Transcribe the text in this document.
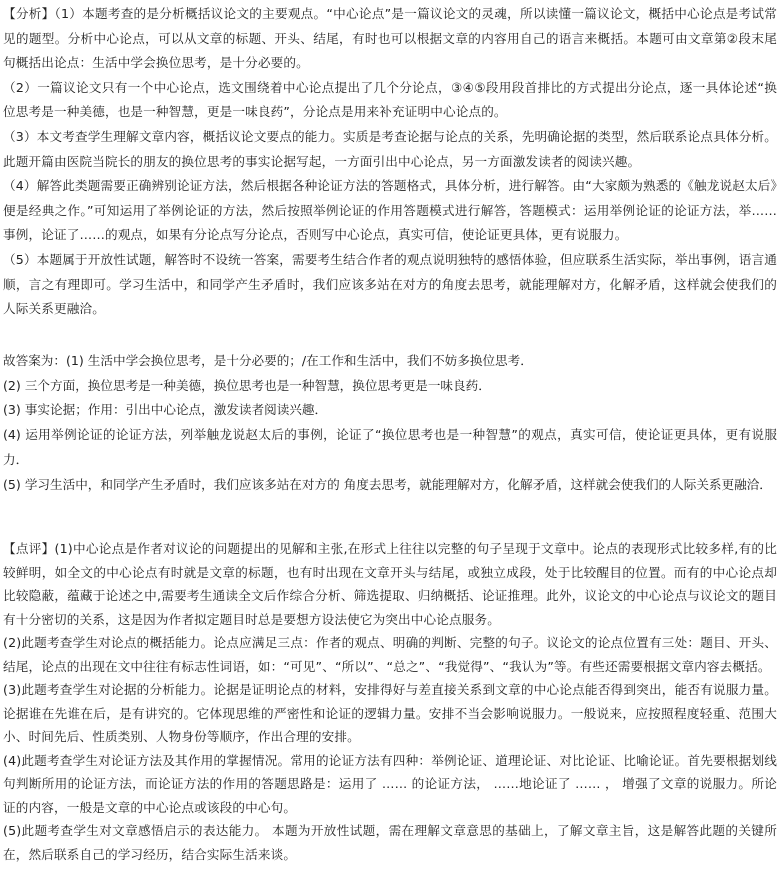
【分析】（1）本题考查的是分析概括议论文的主要观点。“中心论点”是一篇议论文的灵魂，所以读懂一篇议论文，概括中心论点是考试常见的题型。分析中心论点，可以从文章的标题、开头、结尾，有时也可以根据文章的内容用自己的语言来概括。本题可由文章第②段末尾句概括出论点：生活中学会换位思考，是十分必要的。

（2）一篇议论文只有一个中心论点，选文围绕着中心论点提出了几个分论点，③④⑤段用段首排比的方式提出分论点，逐一具体论述“换位思考是一种美德，也是一种智慧，更是一味良药”，分论点是用来补充证明中心论点的。

（3）本文考查学生理解文章内容，概括议论文要点的能力。实质是考查论据与论点的关系，先明确论据的类型，然后联系论点具体分析。此题开篇由医院当院长的朋友的换位思考的事实论据写起，一方面引出中心论点，另一方面激发读者的阅读兴趣。

（4）解答此类题需要正确辨别论证方法，然后根据各种论证方法的答题格式，具体分析，进行解答。由“大家颇为熟悉的《触龙说赵太后》便是经典之作。”可知运用了举例论证的方法，然后按照举例论证的作用答题模式进行解答，答题模式：运用举例论证的论证方法，举……事例，论证了……的观点，如果有分论点写分论点，否则写中心论点，真实可信，使论证更具体，更有说服力。

（5）本题属于开放性试题，解答时不设统一答案，需要考生结合作者的观点说明独特的感悟体验，但应联系生活实际，举出事例，语言通顺，言之有理即可。学习生活中，和同学产生矛盾时，我们应该多站在对方的角度去思考，就能理解对方，化解矛盾，这样就会使我们的人际关系更融洽。

故答案为：(1) 生活中学会换位思考，是十分必要的；/在工作和生活中，我们不妨多换位思考．

(2) 三个方面，换位思考是一种美德，换位思考也是一种智慧，换位思考更是一味良药．

(3) 事实论据；作用：引出中心论点，激发读者阅读兴趣．

(4) 运用举例论证的论证方法，列举触龙说赵太后的事例，论证了“换位思考也是一种智慧”的观点，真实可信，使论证更具体，更有说服力．

(5) 学习生活中，和同学产生矛盾时，我们应该多站在对方的 角度去思考，就能理解对方，化解矛盾，这样就会使我们的人际关系更融洽．

【点评】(1)中心论点是作者对议论的问题提出的见解和主张,在形式上往往以完整的句子呈现于文章中。论点的表现形式比较多样,有的比较鲜明，如全文的中心论点有时就是文章的标题，也有时出现在文章开头与结尾，或独立成段，处于比较醒目的位置。而有的中心论点却比较隐蔽，蕴藏于论述之中,需要考生通读全文后作综合分析、筛选提取、归纳概括、论证推理。此外，议论文的中心论点与议论文的题目有十分密切的关系，这是因为作者拟定题目时总是要想方设法使它为突出中心论点服务。

(2)此题考查学生对论点的概括能力。论点应满足三点：作者的观点、明确的判断、完整的句子。议论文的论点位置有三处：题目、开头、结尾，论点的出现在文中往往有标志性词语，如：“可见”、“所以”、“总之”、“我觉得”、“我认为”等。有些还需要根据文章内容去概括。

(3)此题考查学生对论据的分析能力。论据是证明论点的材料，安排得好与差直接关系到文章的中心论点能否得到突出，能否有说服力量。论据谁在先谁在后，是有讲究的。它体现思维的严密性和论证的逻辑力量。安排不当会影响说服力。一般说来，应按照程度轻重、范围大小、时间先后、性质类别、人物身份等顺序，作出合理的安排。

(4)此题考查学生对论证方法及其作用的掌握情况。常用的论证方法有四种：举例论证、道理论证、对比论证、比喻论证。首先要根据划线句判断所用的论证方法，而论证方法的作用的答题思路是：运用了 …… 的论证方法， ……地论证了 …… ， 增强了文章的说服力。所论证的内容，一般是文章的中心论点或该段的中心句。

(5)此题考查学生对文章感悟启示的表达能力。 本题为开放性试题，需在理解文章意思的基础上，了解文章主旨，这是解答此题的关键所在，然后联系自己的学习经历，结合实际生活来谈。
